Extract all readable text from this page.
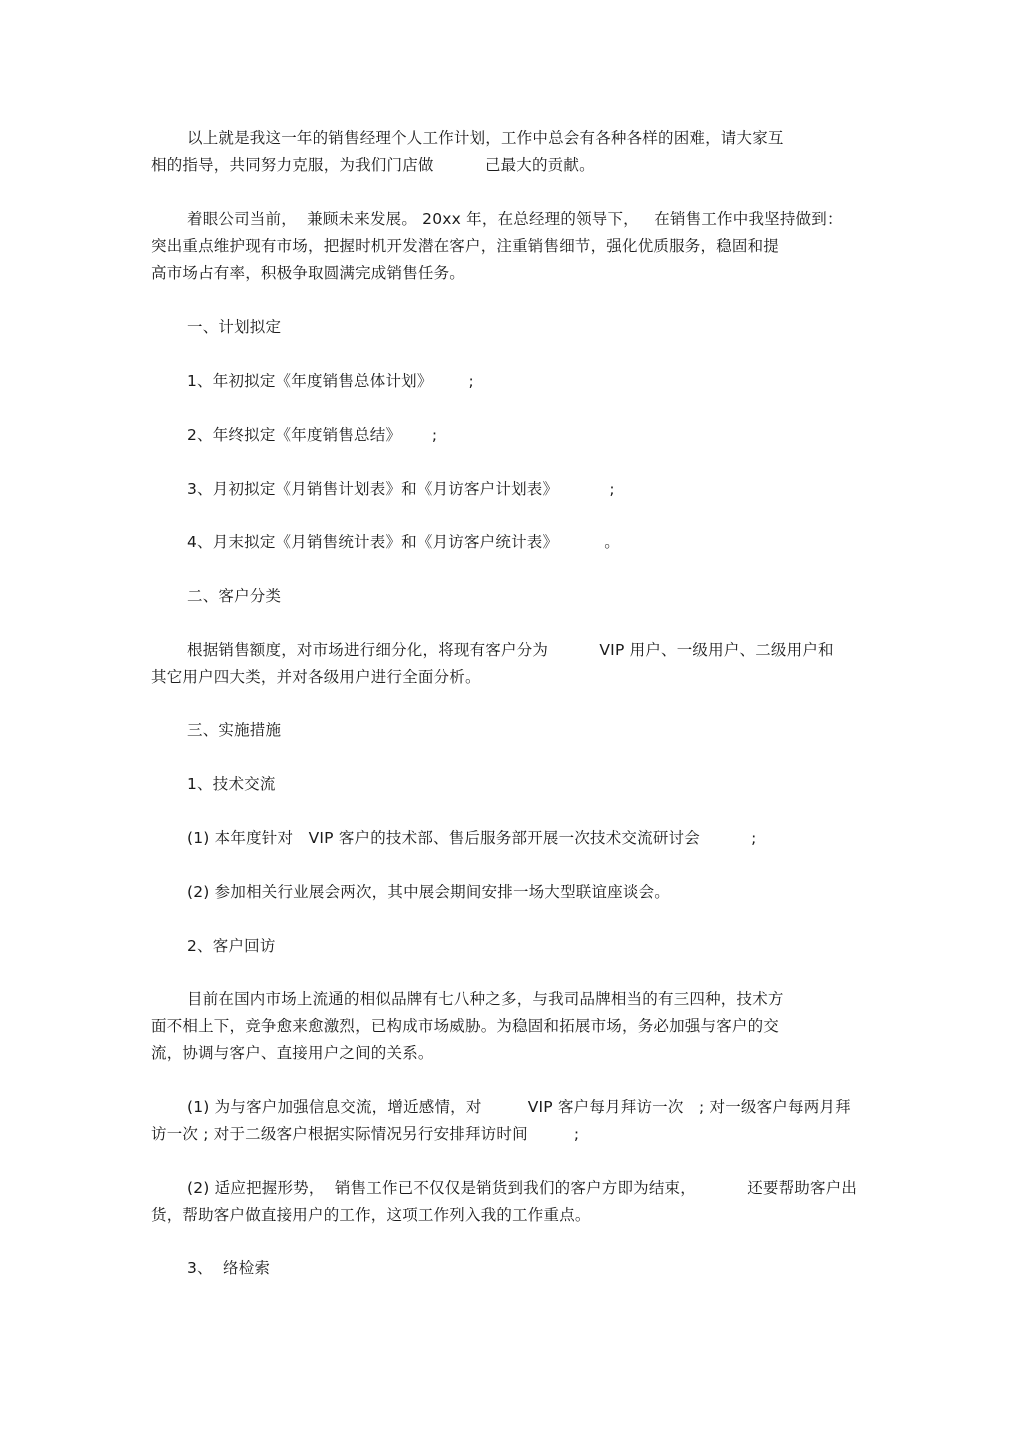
以上就是我这一年的销售经理个人工作计划，工作中总会有各种各样的困难，请大家互
相的指导，共同努力克服，为我们门店做          己最大的贡献。
着眼公司当前，  兼顾未来发展。 20xx 年，在总经理的领导下，   在销售工作中我坚持做到：
突出重点维护现有市场，把握时机开发潜在客户，注重销售细节，强化优质服务，稳固和提
高市场占有率，积极争取圆满完成销售任务。
一、计划拟定
1、年初拟定《年度销售总体计划》       ;
2、年终拟定《年度销售总结》      ;
3、月初拟定《月销售计划表》和《月访客户计划表》          ;
4、月末拟定《月销售统计表》和《月访客户统计表》         。
二、客户分类
根据销售额度，对市场进行细分化，将现有客户分为          VIP 用户、一级用户、二级用户和
其它用户四大类，并对各级用户进行全面分析。
三、实施措施
1、技术交流
(1) 本年度针对   VIP 客户的技术部、售后服务部开展一次技术交流研讨会          ;
(2) 参加相关行业展会两次，其中展会期间安排一场大型联谊座谈会。
2、客户回访
目前在国内市场上流通的相似品牌有七八种之多，与我司品牌相当的有三四种，技术方
面不相上下，竞争愈来愈激烈，已构成市场威胁。为稳固和拓展市场，务必加强与客户的交
流，协调与客户、直接用户之间的关系。
(1) 为与客户加强信息交流，增近感情，对         VIP 客户每月拜访一次   ; 对一级客户每两月拜
访一次 ; 对于二级客户根据实际情况另行安排拜访时间         ;
(2) 适应把握形势，  销售工作已不仅仅是销货到我们的客户方即为结束，          还要帮助客户出
货，帮助客户做直接用户的工作，这项工作列入我的工作重点。
3、  络检索
